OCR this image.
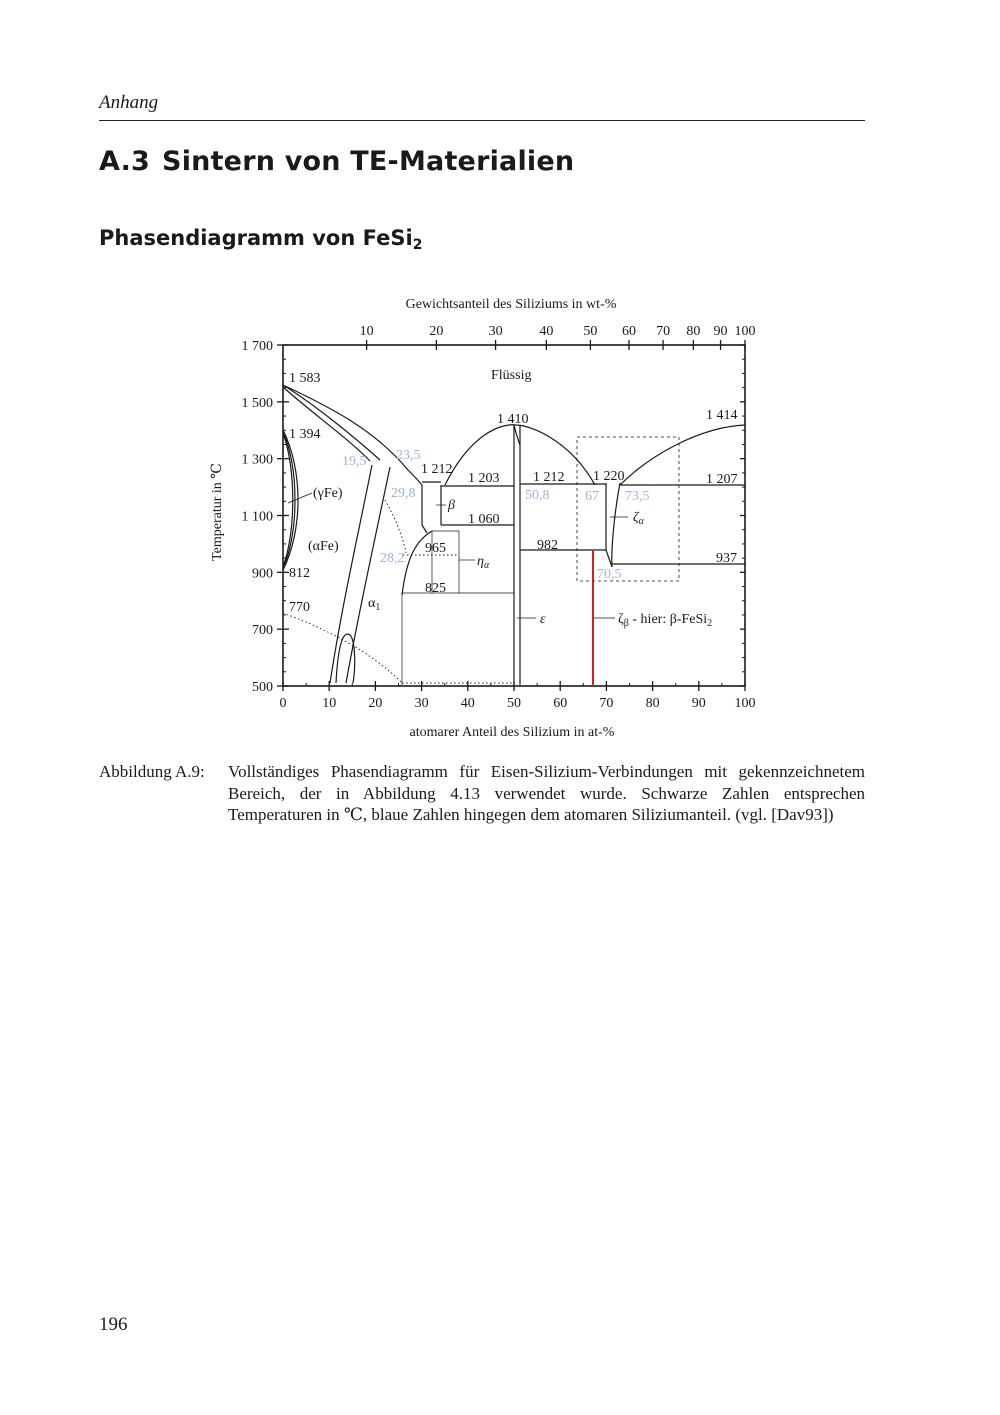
Anhang
A.3 Sintern von TE-Materialien
Phasendiagramm von FeSi$_2$
Gewichtsanteil des Siliziums in wt-%
atomarer Anteil des Silizium in at-%
Temperatur in ℃
10	20	30	40 50 60 70 80 90 100
0	10 20 30 40 50 60 70 80 90 100
1 700
1 500
1 300
1 100
900
700
500
1 583
1 394
1 410	1 414
1 212
1 203 1 212 1 220	1 207
1 060
965	982
937
825
812
770
19,5 23,5
29,8
28,2
50,8	67 73,5
70,5
Flüssig
(γFe)
(αFe)
$\alpha_1$
β
$\eta_\alpha$
ε
$\zeta_\alpha$
$\zeta_\beta$ - hier: β-FeSi$_2$
Abbildung A.9: Vollständiges Phasendiagramm für Eisen-Silizium-Verbindungen mit gekennzeichnetem Bereich, der in Abbildung 4.13 verwendet wurde. Schwarze Zahlen entsprechen Temperaturen in ℃, blaue Zahlen hingegen dem atomaren Siliziumanteil. (vgl. [Dav93])
196
